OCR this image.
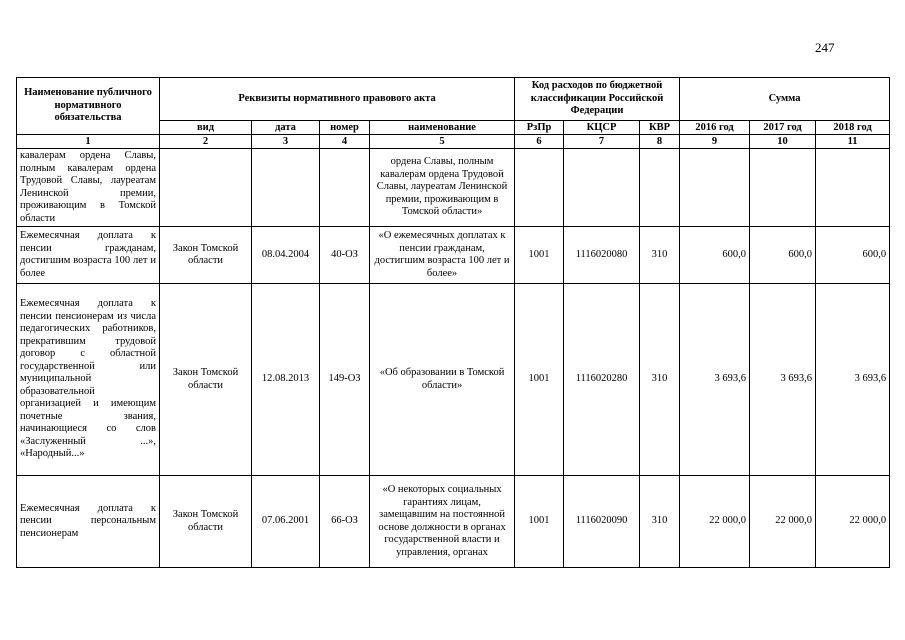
247
Наименование публичного нормативного обязательства	Реквизиты нормативного правового акта				Код расходов по бюджетной классификации Российской Федерации			Сумма		
	вид	дата	номер	наименование	РзПр	КЦСР	КВР	2016 год	2017 год	2018 год
1	2	3	4	5	6	7	8	9	10	11
кавалерам ордена Славы, полным кавалерам ордена Трудовой Славы, лауреатам Ленинской премии, проживающим в Томской области				ордена Славы, полным кавалерам ордена Трудовой Славы, лауреатам Ленинской премии, проживающим в Томской области»						
Ежемесячная доплата к пенсии гражданам, достигшим возраста 100 лет и более	Закон Томской области	08.04.2004	40-ОЗ	«О ежемесячных доплатах к пенсии гражданам, достигшим возраста 100 лет и более»	1001	1116020080	310	600,0	600,0	600,0
Ежемесячная доплата к пенсии пенсионерам из числа педагогических работников, прекратившим трудовой договор с областной государственной или муниципальной образовательной организацией и имеющим почетные звания, начинающиеся со слов «Заслуженный ...», «Народный...»	Закон Томской области	12.08.2013	149-ОЗ	«Об образовании в Томской области»	1001	1116020280	310	3 693,6	3 693,6	3 693,6
Ежемесячная доплата к пенсии персональным пенсионерам	Закон Томской области	07.06.2001	66-ОЗ	«О некоторых социальных гарантиях лицам, замещавшим на постоянной основе должности в органах государственной власти и управления, органах	1001	1116020090	310	22 000,0	22 000,0	22 000,0
